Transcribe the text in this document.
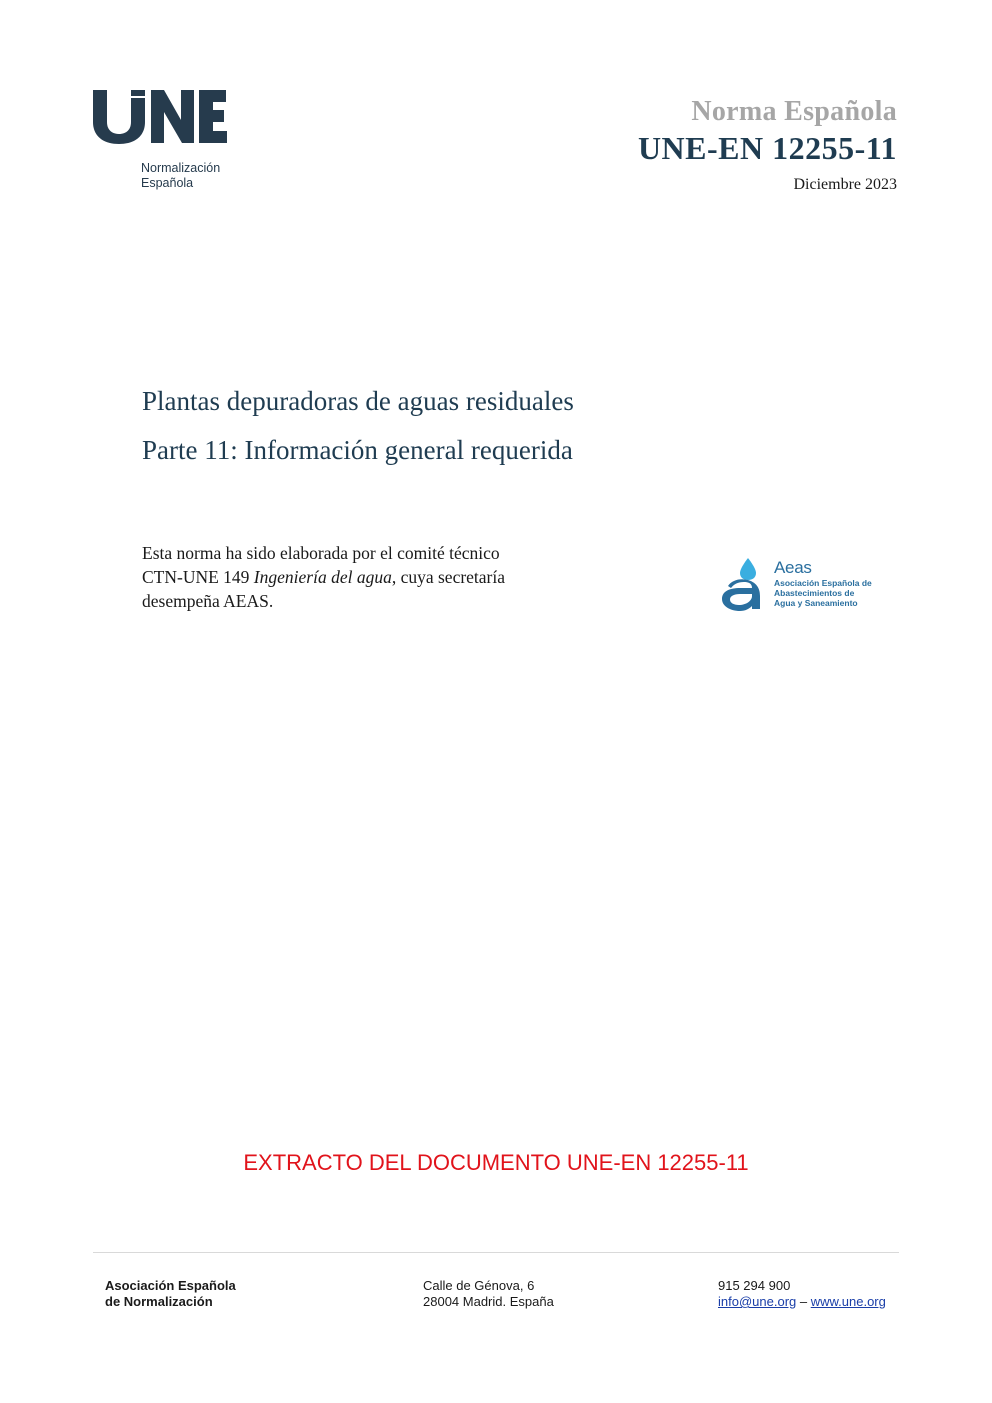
Normalización
Española
Norma Española
UNE-EN 12255-11
Diciembre 2023
Plantas depuradoras de aguas residuales
Parte 11: Información general requerida
Esta norma ha sido elaborada por el comité técnico
CTN-UNE 149 Ingeniería del agua, cuya secretaría
desempeña AEAS.
Aeas
Asociación Española de
Abastecimientos de
Agua y Saneamiento
EXTRACTO DEL DOCUMENTO UNE-EN 12255-11
Asociación Española
de Normalización
Calle de Génova, 6
28004 Madrid. España
915 294 900
info@une.org – www.une.org
